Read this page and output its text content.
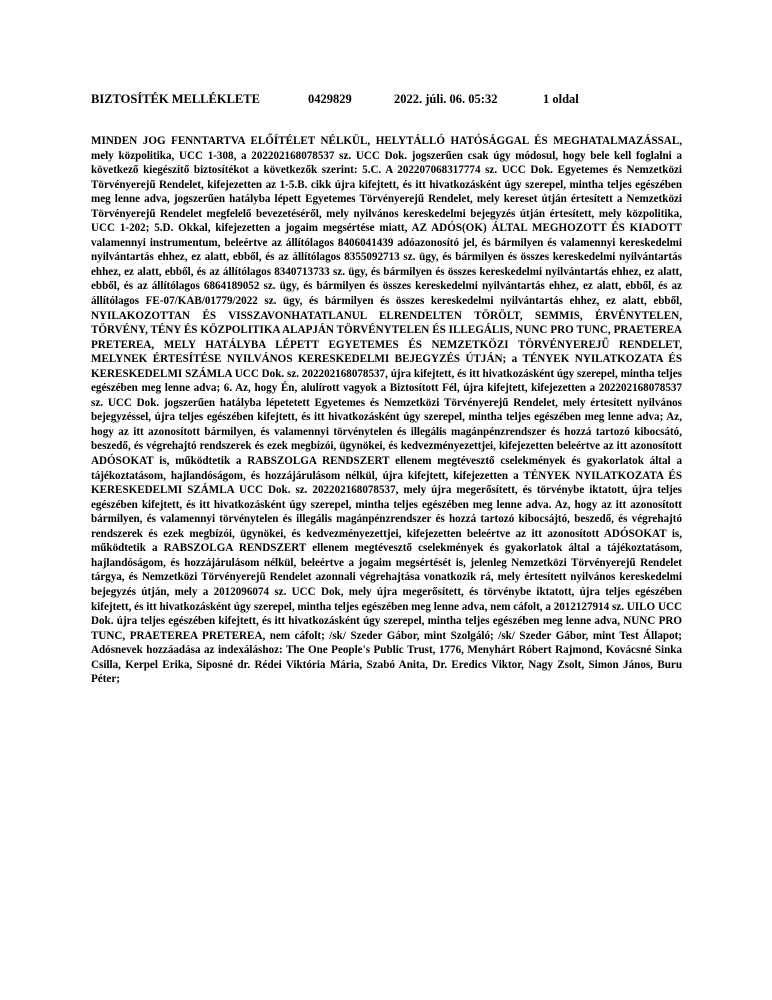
BIZTOSÍTÉK MELLÉKLETE	0429829	2022. júli. 06. 05:32	1 oldal
MINDEN JOG FENNTARTVA ELŐÍTÉLET NÉLKÜL, HELYTÁLLÓ HATÓSÁGGAL ÉS MEGHATALMAZÁSSAL, mely közpolitika, UCC 1-308, a 202202168078537 sz. UCC Dok. jogszerűen csak úgy módosul, hogy bele kell foglalni a következő kiegészítő biztosítékot a következők szerint: 5.C. A 202207068317774 sz. UCC Dok. Egyetemes és Nemzetközi Törvényerejű Rendelet, kifejezetten az 1-5.B. cikk újra kifejtett, és itt hivatkozásként úgy szerepel, mintha teljes egészében meg lenne adva, jogszerűen hatályba lépett Egyetemes Törvényerejű Rendelet, mely kereset útján értesített a Nemzetközi Törvényerejű Rendelet megfelelő bevezetéséről, mely nyilvános kereskedelmi bejegyzés útján értesített, mely közpolitika, UCC 1-202; 5.D. Okkal, kifejezetten a jogaim megsértése miatt, AZ ADÓS(OK) ÁLTAL MEGHOZOTT ÉS KIADOTT valamennyi instrumentum, beleértve az állítólagos 8406041439 adóazonosító jel, és bármilyen és valamennyi kereskedelmi nyilvántartás ehhez, ez alatt, ebből, és az állítólagos 8355092713 sz. ügy, és bármilyen és összes kereskedelmi nyilvántartás ehhez, ez alatt, ebből, és az állítólagos 8340713733 sz. ügy, és bármilyen és összes kereskedelmi nyilvántartás ehhez, ez alatt, ebből, és az állítólagos 6864189052 sz. ügy, és bármilyen és összes kereskedelmi nyilvántartás ehhez, ez alatt, ebből, és az állítólagos FE-07/KAB/01779/2022 sz. ügy, és bármilyen és összes kereskedelmi nyilvántartás ehhez, ez alatt, ebből, NYILAKOZOTTAN ÉS VISSZAVONHATATLANUL ELRENDELTEN TÖRÖLT, SEMMIS, ÉRVÉNYTELEN, TÖRVÉNY, TÉNY ÉS KÖZPOLITIKA ALAPJÁN TÖRVÉNYTELEN ÉS ILLEGÁLIS, NUNC PRO TUNC, PRAETEREA PRETEREA, MELY HATÁLYBA LÉPETT EGYETEMES ÉS NEMZETKÖZI TÖRVÉNYEREJŰ RENDELET, MELYNEK ÉRTESÍTÉSE NYILVÁNOS KERESKEDELMI BEJEGYZÉS ÚTJÁN; a TÉNYEK NYILATKOZATA ÉS KERESKEDELMI SZÁMLA UCC Dok. sz. 202202168078537, újra kifejtett, és itt hivatkozásként úgy szerepel, mintha teljes egészében meg lenne adva; 6. Az, hogy Én, alulírott vagyok a Biztosított Fél, újra kifejtett, kifejezetten a 202202168078537 sz. UCC Dok. jogszerűen hatályba lépetetett Egyetemes és Nemzetközi Törvényerejű Rendelet, mely értesített nyilvános bejegyzéssel, újra teljes egészében kifejtett, és itt hivatkozásként úgy szerepel, mintha teljes egészében meg lenne adva; Az, hogy az itt azonosított bármilyen, és valamennyi törvénytelen és illegális magánpénzrendszer és hozzá tartozó kibocsátó, beszedő, és végrehajtó rendszerek és ezek megbízói, ügynökei, és kedvezményezettjei, kifejezetten beleértve az itt azonosított ADÓSOKAT is, működtetik a RABSZOLGA RENDSZERT ellenem megtévesztő cselekmények és gyakorlatok által a tájékoztatásom, hajlandóságom, és hozzájárulásom nélkül, újra kifejtett, kifejezetten a TÉNYEK NYILATKOZATA ÉS KERESKEDELMI SZÁMLA UCC Dok. sz. 202202168078537, mely újra megerősített, és törvénybe iktatott, újra teljes egészében kifejtett, és itt hivatkozásként úgy szerepel, mintha teljes egészében meg lenne adva. Az, hogy az itt azonosított bármilyen, és valamennyi törvénytelen és illegális magánpénzrendszer és hozzá tartozó kibocsájtó, beszedő, és végrehajtó rendszerek és ezek megbízói, ügynökei, és kedvezményezettjei, kifejezetten beleértve az itt azonosított ADÓSOKAT is, működtetik a RABSZOLGA RENDSZERT ellenem megtévesztő cselekmények és gyakorlatok által a tájékoztatásom, hajlandóságom, és hozzájárulásom nélkül, beleértve a jogaim megsértését is, jelenleg Nemzetközi Törvényerejű Rendelet tárgya, és Nemzetközi Törvényerejű Rendelet azonnali végrehajtása vonatkozik rá, mely értesített nyilvános kereskedelmi bejegyzés útján, mely a 2012096074 sz. UCC Dok, mely újra megerősített, és törvénybe iktatott, újra teljes egészében kifejtett, és itt hivatkozásként úgy szerepel, mintha teljes egészében meg lenne adva, nem cáfolt, a 2012127914 sz. UILO UCC Dok. újra teljes egészében kifejtett, és itt hivatkozásként úgy szerepel, mintha teljes egészében meg lenne adva, NUNC PRO TUNC, PRAETEREA PRETEREA, nem cáfolt; /sk/ Szeder Gábor, mint Szolgáló; /sk/ Szeder Gábor, mint Test Állapot; Adósnevek hozzáadása az indexáláshoz: The One People's Public Trust, 1776, Menyhárt Róbert Rajmond, Kovácsné Sinka Csilla, Kerpel Erika, Siposné dr. Rédei Viktória Mária, Szabó Anita, Dr. Eredics Viktor, Nagy Zsolt, Simon János, Buru Péter;
